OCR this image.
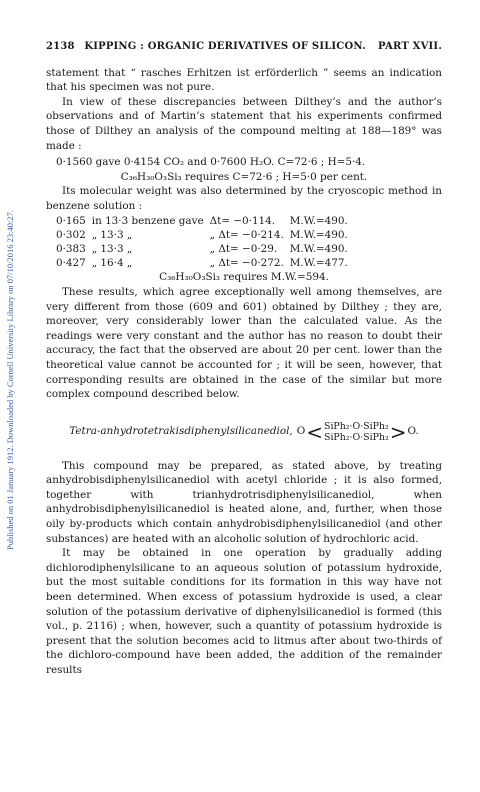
Published on 01 January 1912. Downloaded by Cornell University Library on 07/10/2016 23:40:27.
2138 KIPPING : ORGANIC DERIVATIVES OF SILICON.	PART XVII.

statement that “ rasches Erhitzen ist erförderlich ” seems an indication that his specimen was not pure.

In view of these discrepancies between Dilthey’s and the author’s observations and of Martin’s statement that his experiments confirmed those of Dilthey an analysis of the compound melting at 188—189° was made :

0·1560 gave 0·4154 CO₂ and 0·7600 H₂O. C=72·6 ; H=5·4.

C₃₆H₃₀O₃Si₃ requires C=72·6 ; H=5·0 per cent.

Its molecular weight was also determined by the cryoscopic method in benzene solution :

0·165	in 13·3 benzene gave	Δt= −0·114.	M.W.=490.
0·302	„ 13·3 „	„ Δt= −0·214.	M.W.=490.
0·383	„ 13·3 „	„ Δt= −0·29.	M.W.=490.
0·427	„ 16·4 „	„ Δt= −0·272.	M.W.=477.

C₃₆H₃₀O₃Si₃ requires M.W.=594.

These results, which agree exceptionally well among themselves, are very different from those (609 and 601) obtained by Dilthey ; they are, moreover, very considerably lower than the calculated value. As the readings were very constant and the author has no reason to doubt their accuracy, the fact that the observed are about 20 per cent. lower than the theoretical value cannot be accounted for ; it will be seen, however, that corresponding results are obtained in the case of the similar but more complex compound described below.

Tetra-anhydrotetrakisdiphenylsilicanediol, O < SiPh₂·O·SiPh₂
SiPh₂·O·SiPh₂ > O.

This compound may be prepared, as stated above, by treating anhydrobisdiphenylsilicanediol with acetyl chloride ; it is also formed, together with trianhydrotrisdiphenylsilicanediol, when anhydrobisdiphenylsilicanediol is heated alone, and, further, when those oily by-products which contain anhydrobisdiphenylsilicanediol (and other substances) are heated with an alcoholic solution of hydrochloric acid.

It may be obtained in one operation by gradually adding dichlorodiphenylsilicane to an aqueous solution of potassium hydroxide, but the most suitable conditions for its formation in this way have not been determined. When excess of potassium hydroxide is used, a clear solution of the potassium derivative of diphenylsilicanediol is formed (this vol., p. 2116) ; when, however, such a quantity of potassium hydroxide is present that the solution becomes acid to litmus after about two-thirds of the dichloro-compound have been added, the addition of the remainder results
